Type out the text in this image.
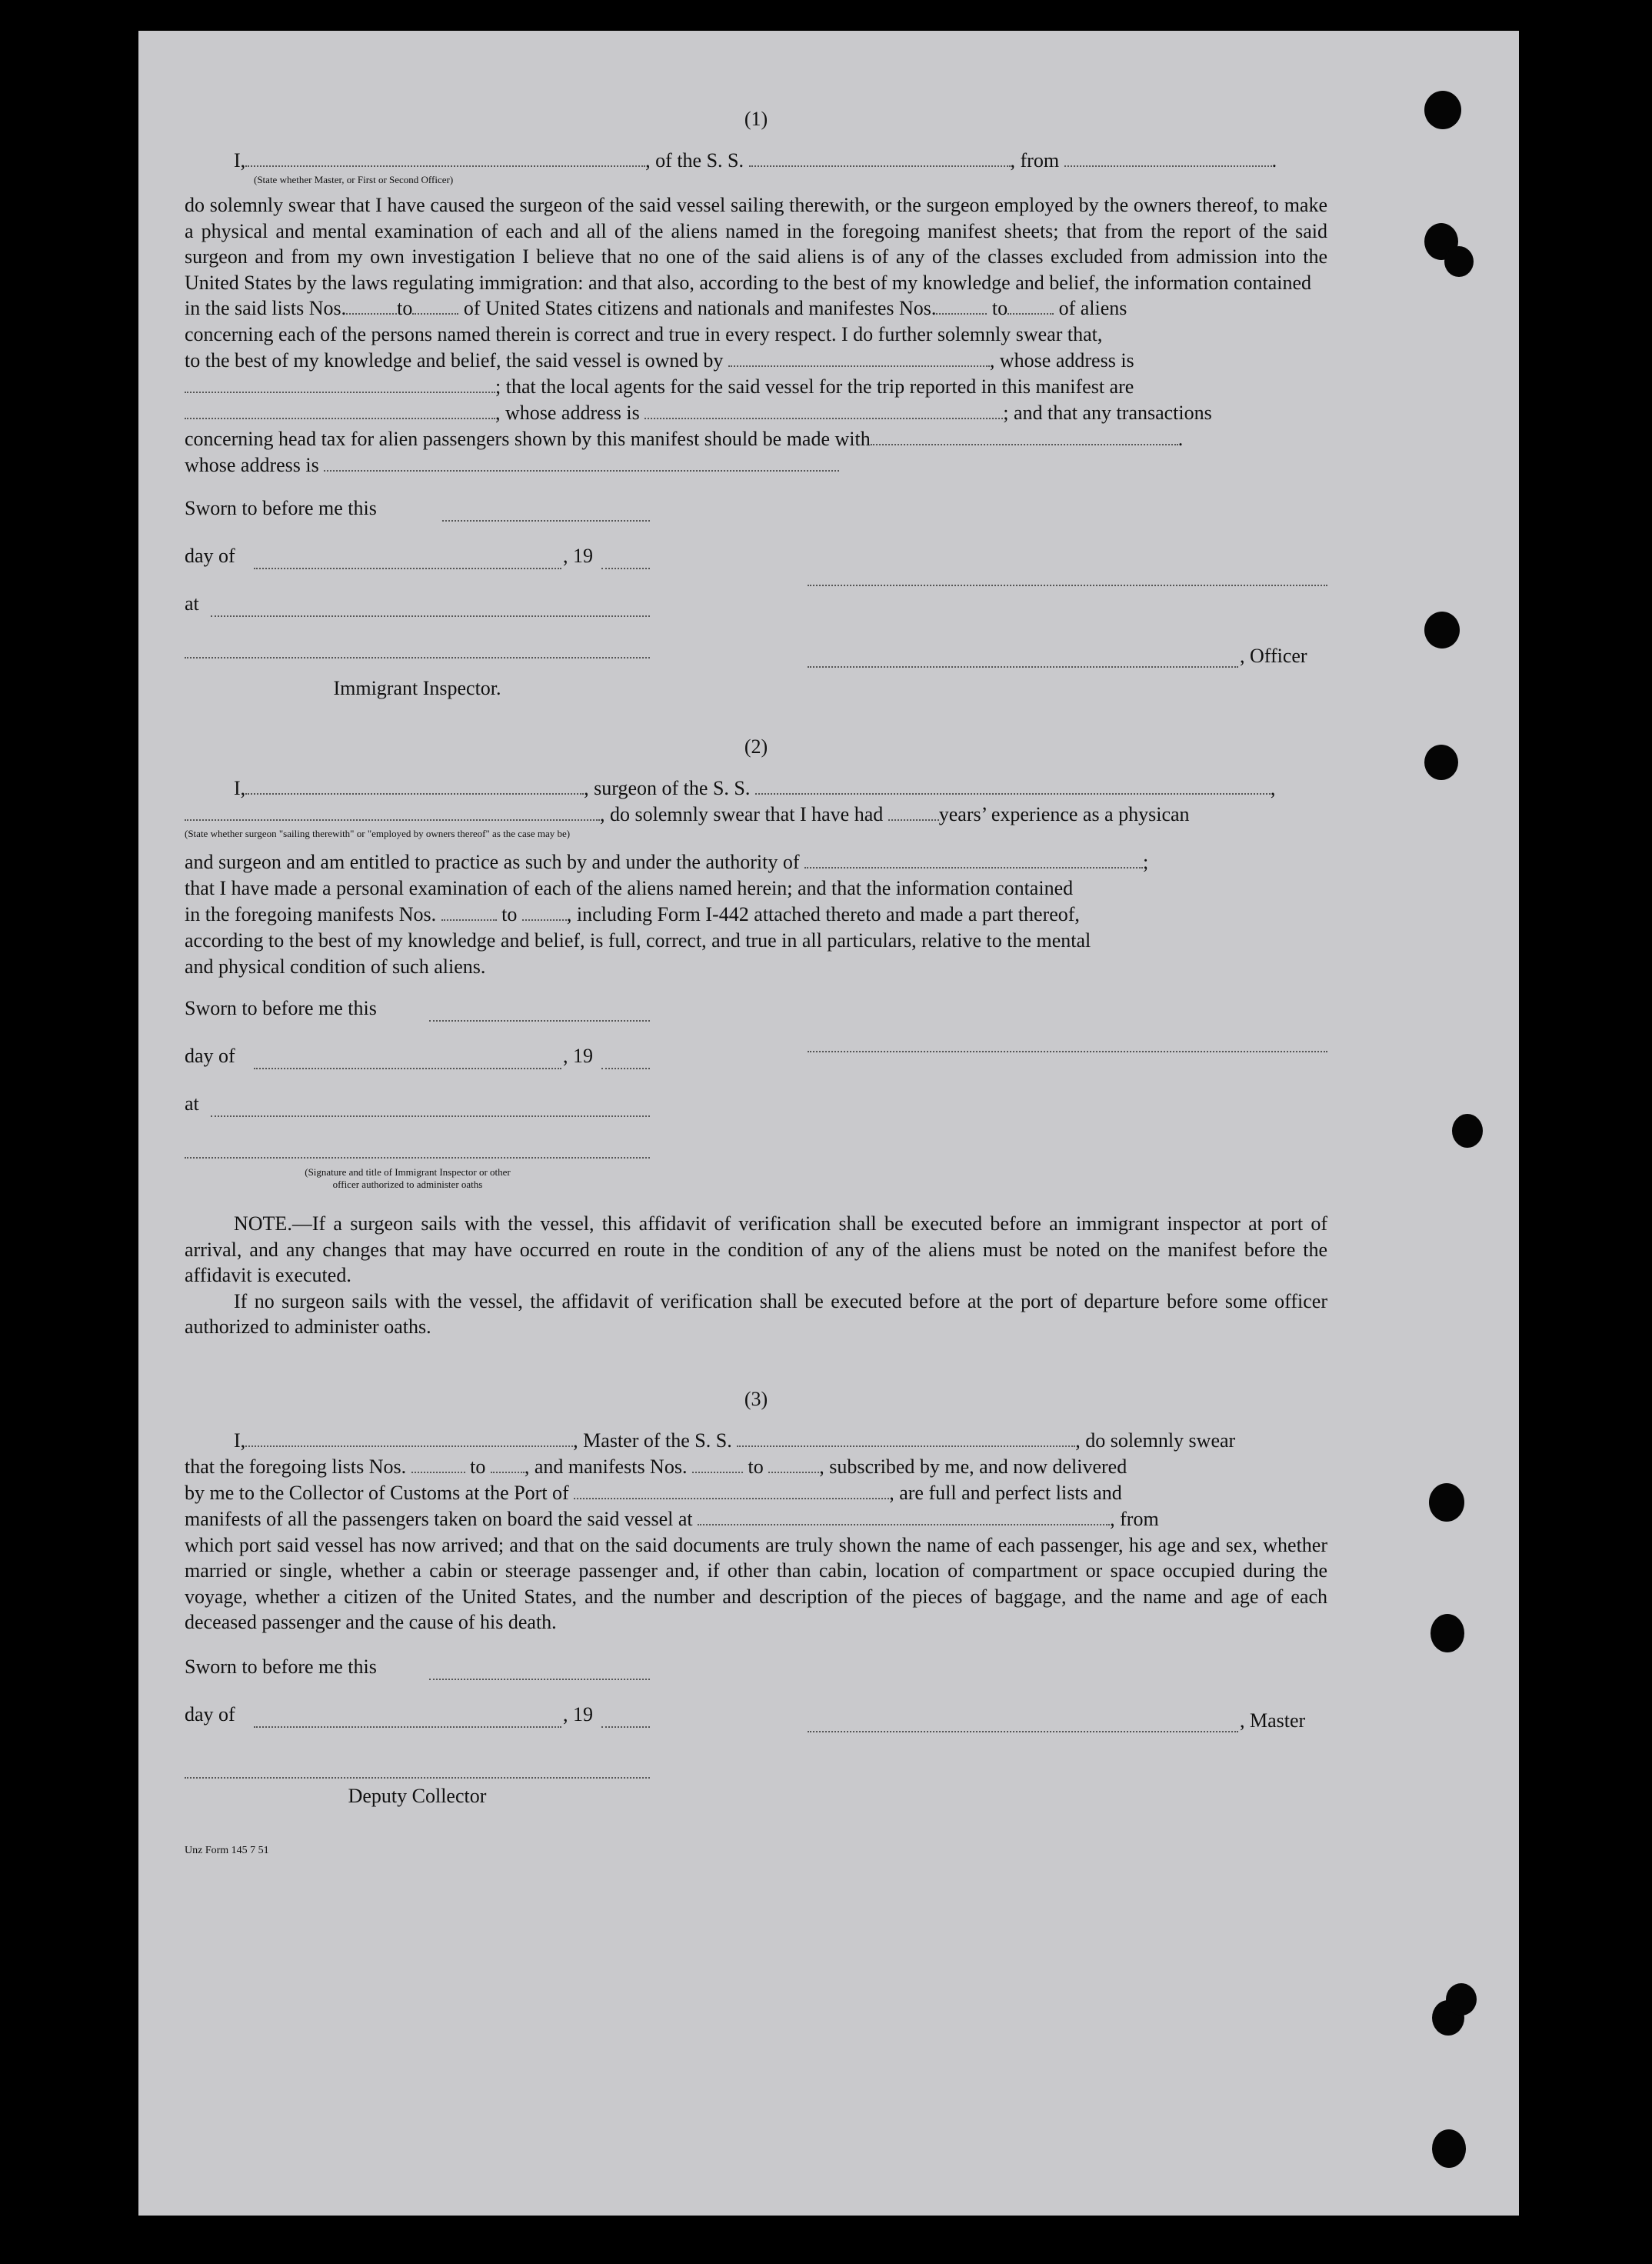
(1)
I,	, of the S. S.	, from	.
(State whether Master, or First or Second Officer)

do solemnly swear that I have caused the surgeon of the said vessel sailing therewith, or the surgeon employed by the owners thereof, to make a physical and mental examination of each and all of the aliens named in the foregoing manifest sheets; that from the report of the said surgeon and from my own investigation I believe that no one of the said aliens is of any of the classes excluded from admission into the United States by the laws regulating immigration: and that also, according to the best of my knowledge and belief, the information contained

in the said lists Nos.	to	of United States citizens and nationals and manifestes Nos.	to	of aliens
concerning each of the persons named therein is correct and true in every respect. I do further solemnly swear that,
to the best of my knowledge and belief, the said vessel is owned by	, whose address is
; that the local agents for the said vessel for the trip reported in this manifest are
, whose address is	; and that any transactions
concerning head tax for alien passengers shown by this manifest should be made with	.
whose address is
Sworn to before me this
day of	, 19
at
, Officer
Immigrant Inspector.
(2)
I,	, surgeon of the S. S.	,
, do solemnly swear that I have had	years’ experience as a physican
(State whether surgeon "sailing therewith" or "employed by owners thereof" as the case may be)
and surgeon and am entitled to practice as such by and under the authority of	;
that I have made a personal examination of each of the aliens named herein; and that the information contained
in the foregoing manifests Nos.	to , including Form I-442 attached thereto and made a part thereof,
according to the best of my knowledge and belief, is full, correct, and true in all particulars, relative to the mental
and physical condition of such aliens.
Sworn to before me this
day of	, 19
at
(Signature and title of Immigrant Inspector or other
officer authorized to administer oaths

NOTE.—If a surgeon sails with the vessel, this affidavit of verification shall be executed before an immigrant inspector at port of arrival, and any changes that may have occurred en route in the condition of any of the aliens must be noted on the manifest before the affidavit is executed.

If no surgeon sails with the vessel, the affidavit of verification shall be executed before at the port of departure before some officer authorized to administer oaths.

(3)
I,	, Master of the S. S.	, do solemnly swear
that the foregoing lists Nos.	to , and manifests Nos.	to	, subscribed by me, and now delivered
by me to the Collector of Customs at the Port of	, are full and perfect lists and
manifests of all the passengers taken on board the said vessel at	, from

which port said vessel has now arrived; and that on the said documents are truly shown the name of each passenger, his age and sex, whether married or single, whether a cabin or steerage passenger and, if other than cabin, location of compartment or space occupied during the voyage, whether a citizen of the United States, and the number and description of the pieces of baggage, and the name and age of each deceased passenger and the cause of his death.

Sworn to before me this
day of	, 19	, Master
Deputy Collector
Unz Form 145 7 51
